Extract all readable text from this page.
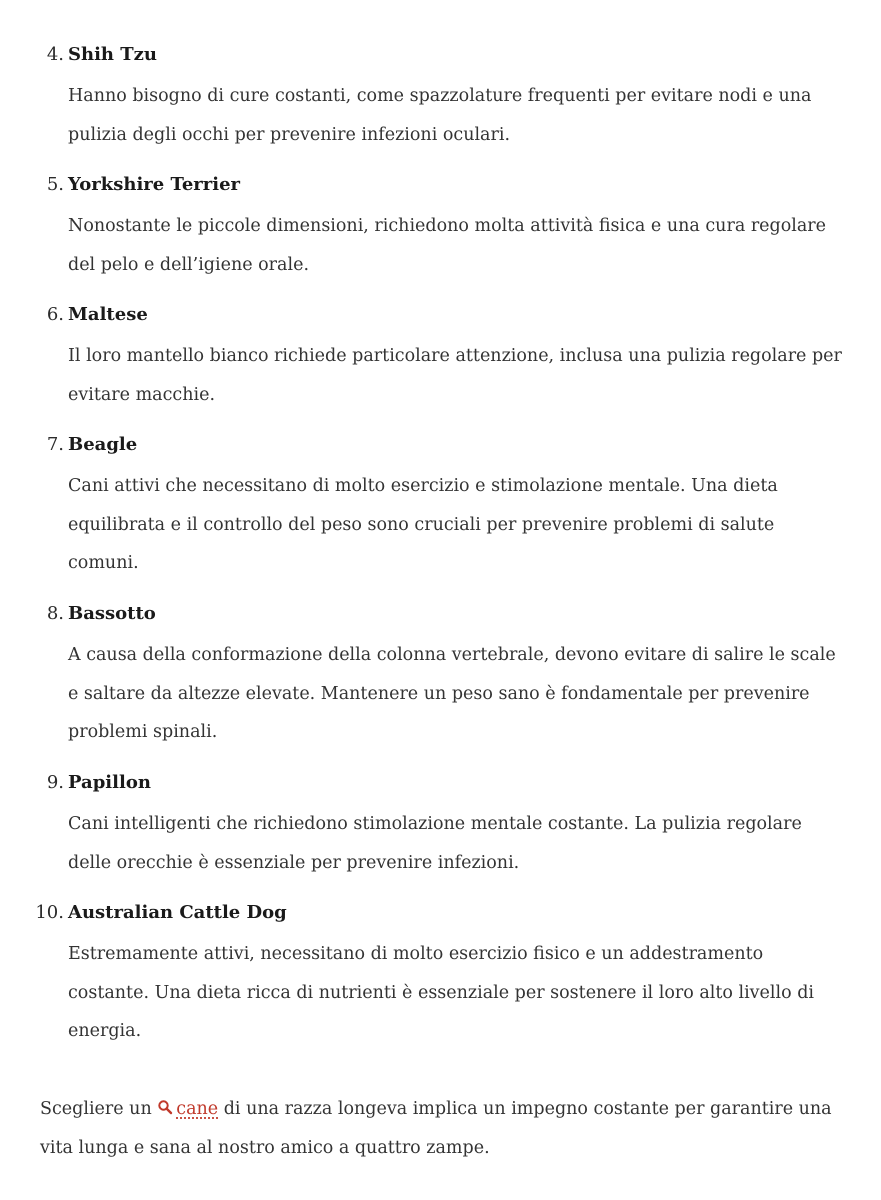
4. Shih Tzu

Hanno bisogno di cure costanti, come spazzolature frequenti per evitare nodi e una pulizia degli occhi per prevenire infezioni oculari.

5. Yorkshire Terrier

Nonostante le piccole dimensioni, richiedono molta attività fisica e una cura regolare del pelo e dell’igiene orale.

6. Maltese

Il loro mantello bianco richiede particolare attenzione, inclusa una pulizia regolare per evitare macchie.

7. Beagle

Cani attivi che necessitano di molto esercizio e stimolazione mentale. Una dieta equilibrata e il controllo del peso sono cruciali per prevenire problemi di salute comuni.

8. Bassotto

A causa della conformazione della colonna vertebrale, devono evitare di salire le scale e saltare da altezze elevate. Mantenere un peso sano è fondamentale per prevenire problemi spinali.

9. Papillon

Cani intelligenti che richiedono stimolazione mentale costante. La pulizia regolare delle orecchie è essenziale per prevenire infezioni.

10. Australian Cattle Dog

Estremamente attivi, necessitano di molto esercizio fisico e un addestramento costante. Una dieta ricca di nutrienti è essenziale per sostenere il loro alto livello di energia.

Scegliere un cane di una razza longeva implica un impegno costante per garantire una vita lunga e sana al nostro amico a quattro zampe.
